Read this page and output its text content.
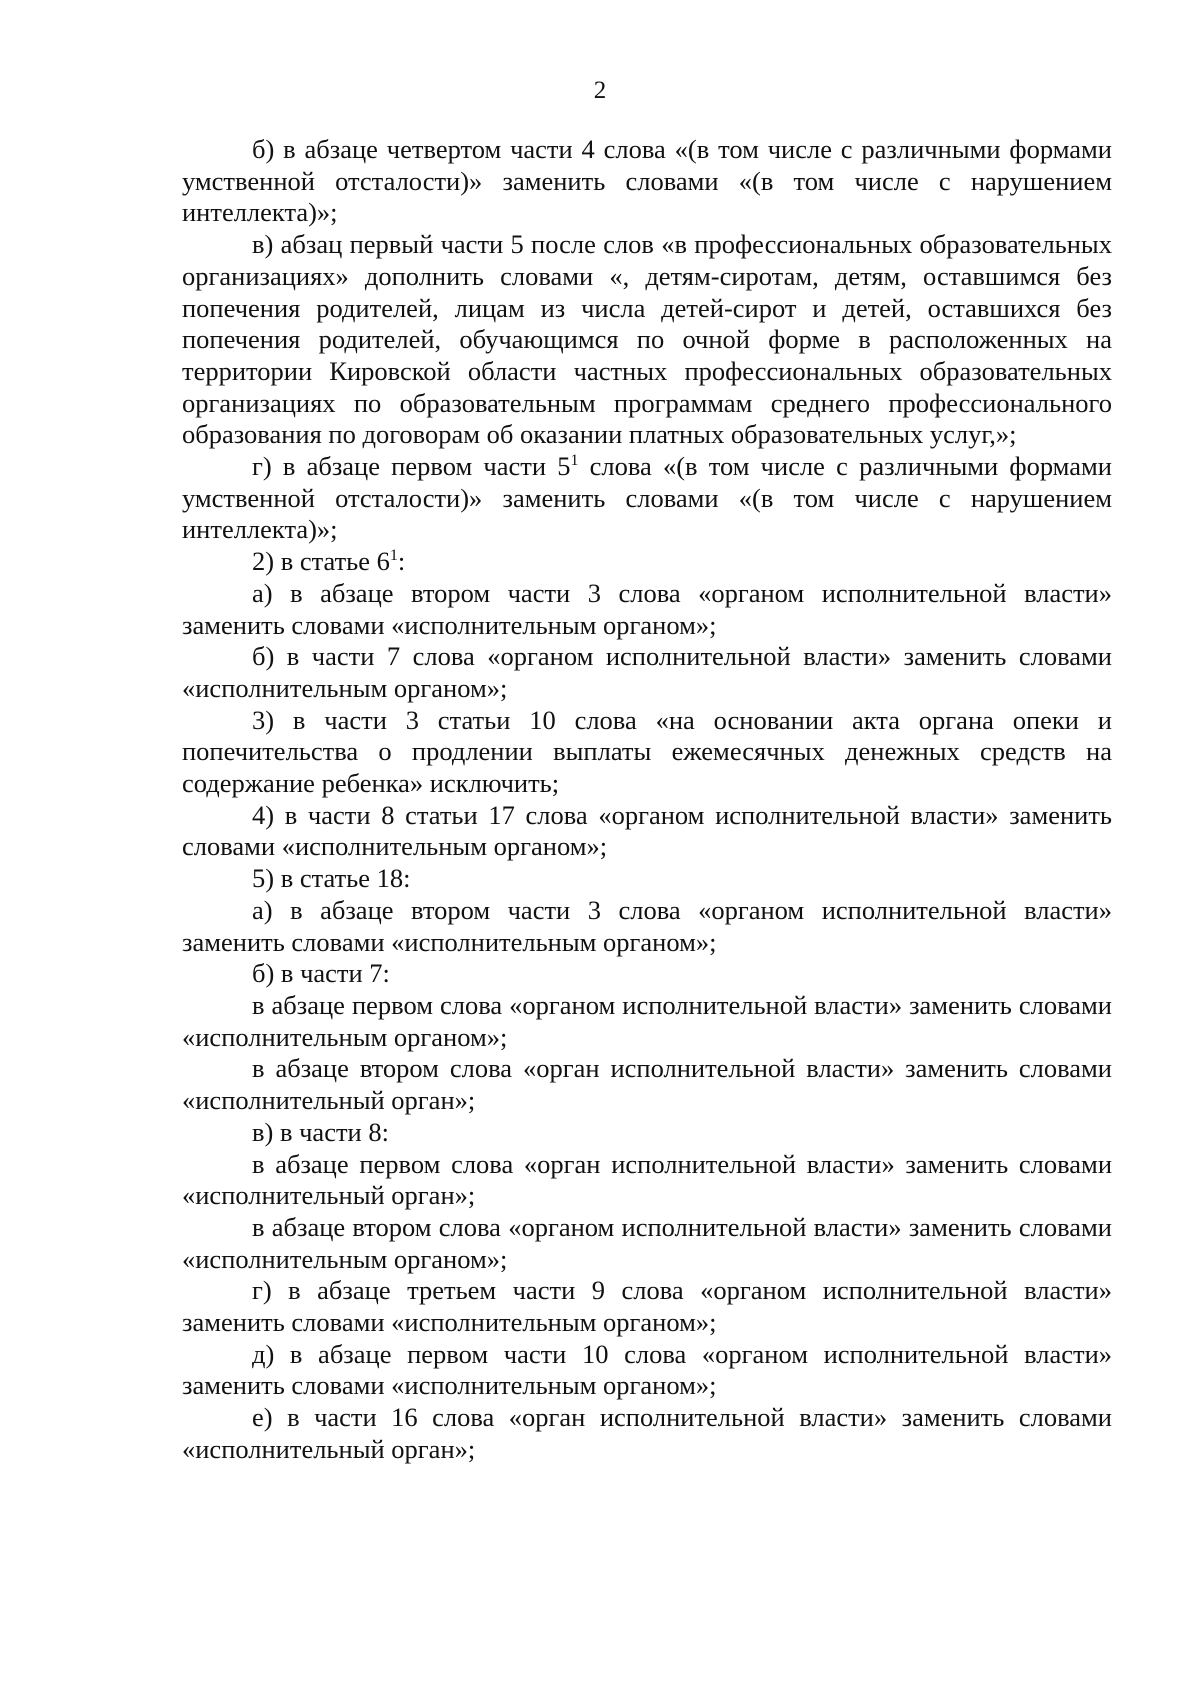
2

б) в абзаце четвертом части 4 слова «(в том числе с различными формами умственной отсталости)» заменить словами «(в том числе с нарушением интеллекта)»;

в) абзац первый части 5 после слов «в профессиональных образовательных организациях» дополнить словами «, детям-сиротам, детям, оставшимся без попечения родителей, лицам из числа детей-сирот и детей, оставшихся без попечения родителей, обучающимся по очной форме в расположенных на территории Кировской области частных профессиональных образовательных организациях по образовательным программам среднего профессионального образования по договорам об оказании платных образовательных услуг,»;

г) в абзаце первом части $5^1$ слова «(в том числе с различными формами умственной отсталости)» заменить словами «(в том числе с нарушением интеллекта)»;

2) в статье $6^1$:

а) в абзаце втором части 3 слова «органом исполнительной власти» заменить словами «исполнительным органом»;

б) в части 7 слова «органом исполнительной власти» заменить словами «исполнительным органом»;

3) в части 3 статьи 10 слова «на основании акта органа опеки и попечительства о продлении выплаты ежемесячных денежных средств на содержание ребенка» исключить;

4) в части 8 статьи 17 слова «органом исполнительной власти» заменить словами «исполнительным органом»;

5) в статье 18:

а) в абзаце втором части 3 слова «органом исполнительной власти» заменить словами «исполнительным органом»;

б) в части 7:

в абзаце первом слова «органом исполнительной власти» заменить словами «исполнительным органом»;

в абзаце втором слова «орган исполнительной власти» заменить словами «исполнительный орган»;

в) в части 8:

в абзаце первом слова «орган исполнительной власти» заменить словами «исполнительный орган»;

в абзаце втором слова «органом исполнительной власти» заменить словами «исполнительным органом»;

г) в абзаце третьем части 9 слова «органом исполнительной власти» заменить словами «исполнительным органом»;

д) в абзаце первом части 10 слова «органом исполнительной власти» заменить словами «исполнительным органом»;

е) в части 16 слова «орган исполнительной власти» заменить словами «исполнительный орган»;
